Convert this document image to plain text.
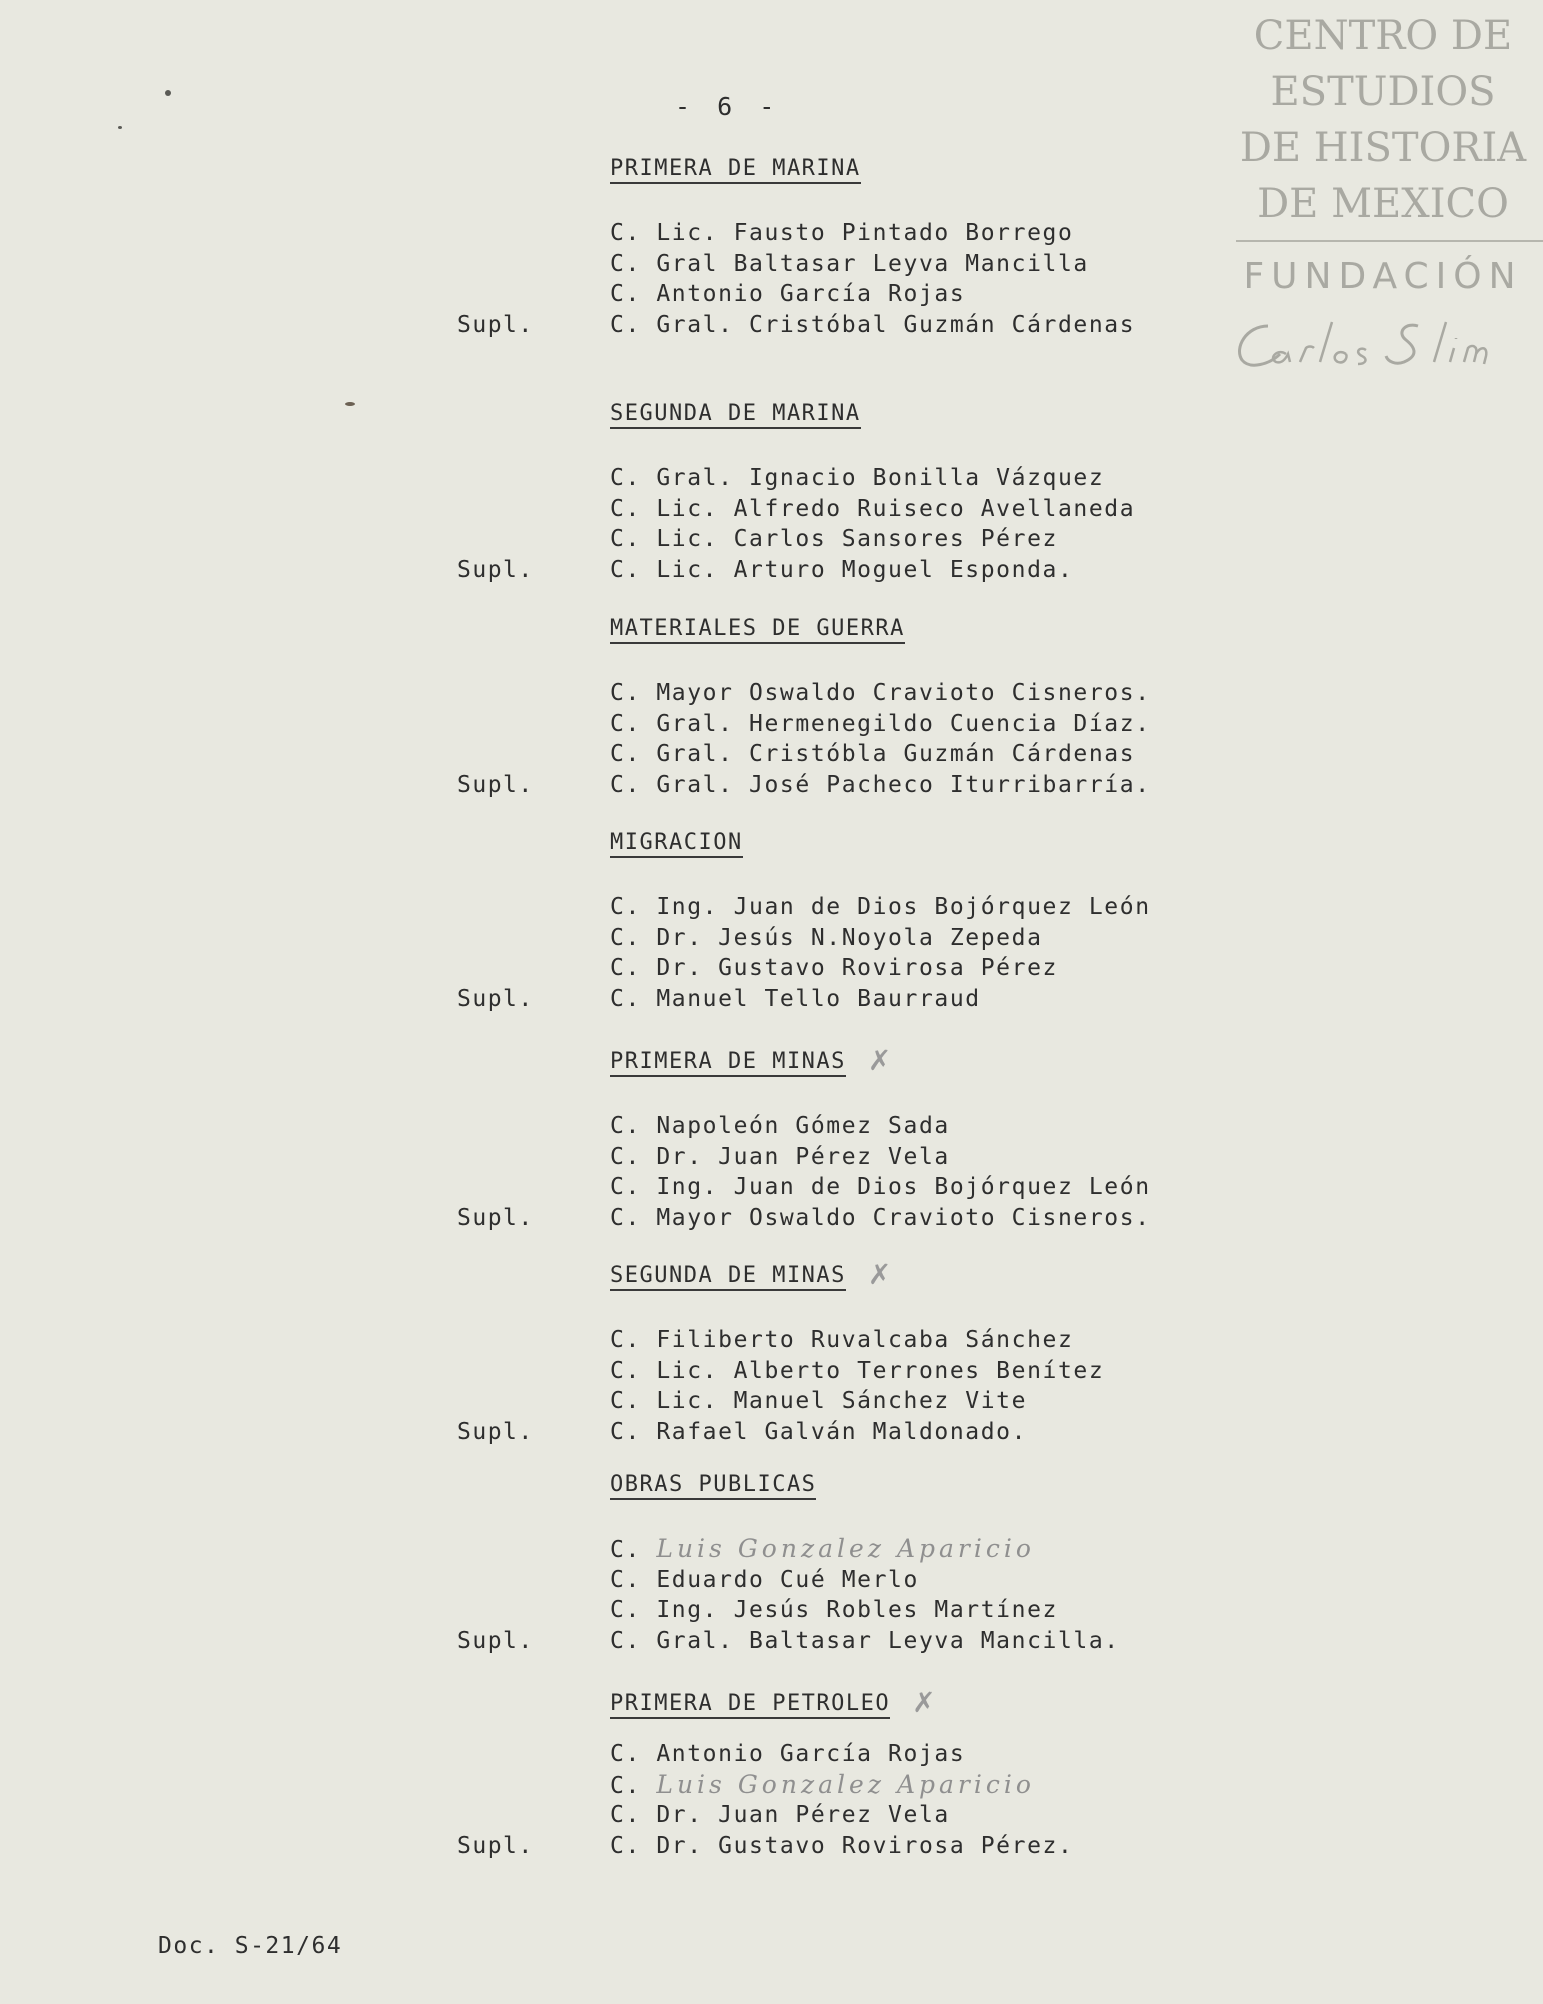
CENTRO DE
ESTUDIOS
DE HISTORIA
DE MEXICO
FUNDACIÓN
- 6 -
PRIMERA DE MARINA
C. Lic. Fausto Pintado Borrego
C. Gral Baltasar Leyva Mancilla
C. Antonio García Rojas
Supl.	C. Gral. Cristóbal Guzmán Cárdenas
SEGUNDA DE MARINA
C. Gral. Ignacio Bonilla Vázquez
C. Lic. Alfredo Ruiseco Avellaneda
C. Lic. Carlos Sansores Pérez
Supl.	C. Lic. Arturo Moguel Esponda.
MATERIALES DE GUERRA
C. Mayor Oswaldo Cravioto Cisneros.
C. Gral. Hermenegildo Cuencia Díaz.
C. Gral. Cristóbla Guzmán Cárdenas
Supl.	C. Gral. José Pacheco Iturribarría.
MIGRACION
C. Ing. Juan de Dios Bojórquez León
C. Dr. Jesús N.Noyola Zepeda
C. Dr. Gustavo Rovirosa Pérez
Supl.	C. Manuel Tello Baurraud
PRIMERA DE MINAS ✗
C. Napoleón Gómez Sada
C. Dr. Juan Pérez Vela
C. Ing. Juan de Dios Bojórquez León
Supl.	C. Mayor Oswaldo Cravioto Cisneros.
SEGUNDA DE MINAS ✗
C. Filiberto Ruvalcaba Sánchez
C. Lic. Alberto Terrones Benítez
C. Lic. Manuel Sánchez Vite
Supl.	C. Rafael Galván Maldonado.
OBRAS PUBLICAS
C. Luis Gonzalez Aparicio
C. Eduardo Cué Merlo
C. Ing. Jesús Robles Martínez
Supl.	C. Gral. Baltasar Leyva Mancilla.
PRIMERA DE PETROLEO ✗
C. Antonio García Rojas
C. Luis Gonzalez Aparicio
C. Dr. Juan Pérez Vela
Supl.	C. Dr. Gustavo Rovirosa Pérez.
Doc. S-21/64
